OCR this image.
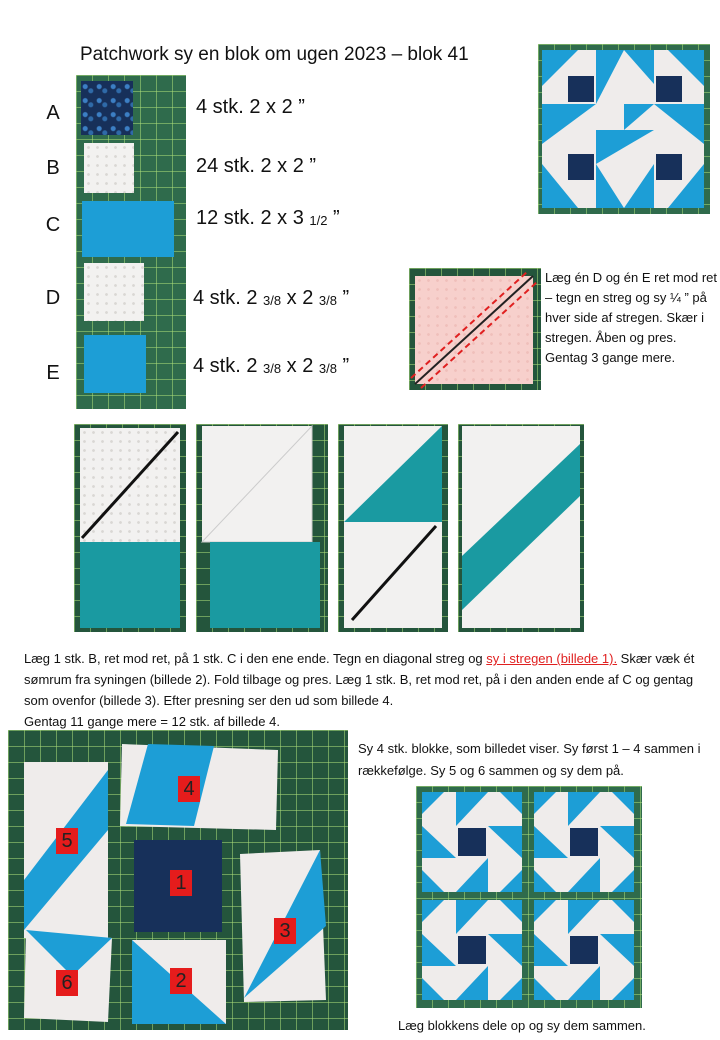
Patchwork sy en blok om ugen 2023 – blok 41
A	4 stk. 2 x 2 ”
B	24 stk. 2 x 2 ”
C	12 stk. 2 x 3 $_{1/2}$ ”
D	4 stk. 2 $_{3/8}$ x 2 $_{3/8}$ ”
E	4 stk. 2 $_{3/8}$ x 2 $_{3/8}$ ”
Læg én D og én E ret mod ret – tegn en streg og sy ¼ ” på hver side af stregen. Skær i stregen. Åben og pres. Gentag 3 gange mere.
Læg 1 stk. B, ret mod ret, på 1 stk. C i den ene ende. Tegn en diagonal streg og sy i stregen (billede 1). Skær væk ét sømrum fra syningen (billede 2). Fold tilbage og pres. Læg 1 stk. B, ret mod ret, på i den anden ende af C og gentag som ovenfor (billede 3). Efter presning ser den ud som billede 4.
Gentag 11 gange mere = 12 stk. af billede 4.
1
2
3
4
5
6
Sy 4 stk. blokke, som billedet viser. Sy først 1 – 4 sammen i rækkefølge. Sy 5 og 6 sammen og sy dem på.
Læg blokkens dele op og sy dem sammen.
